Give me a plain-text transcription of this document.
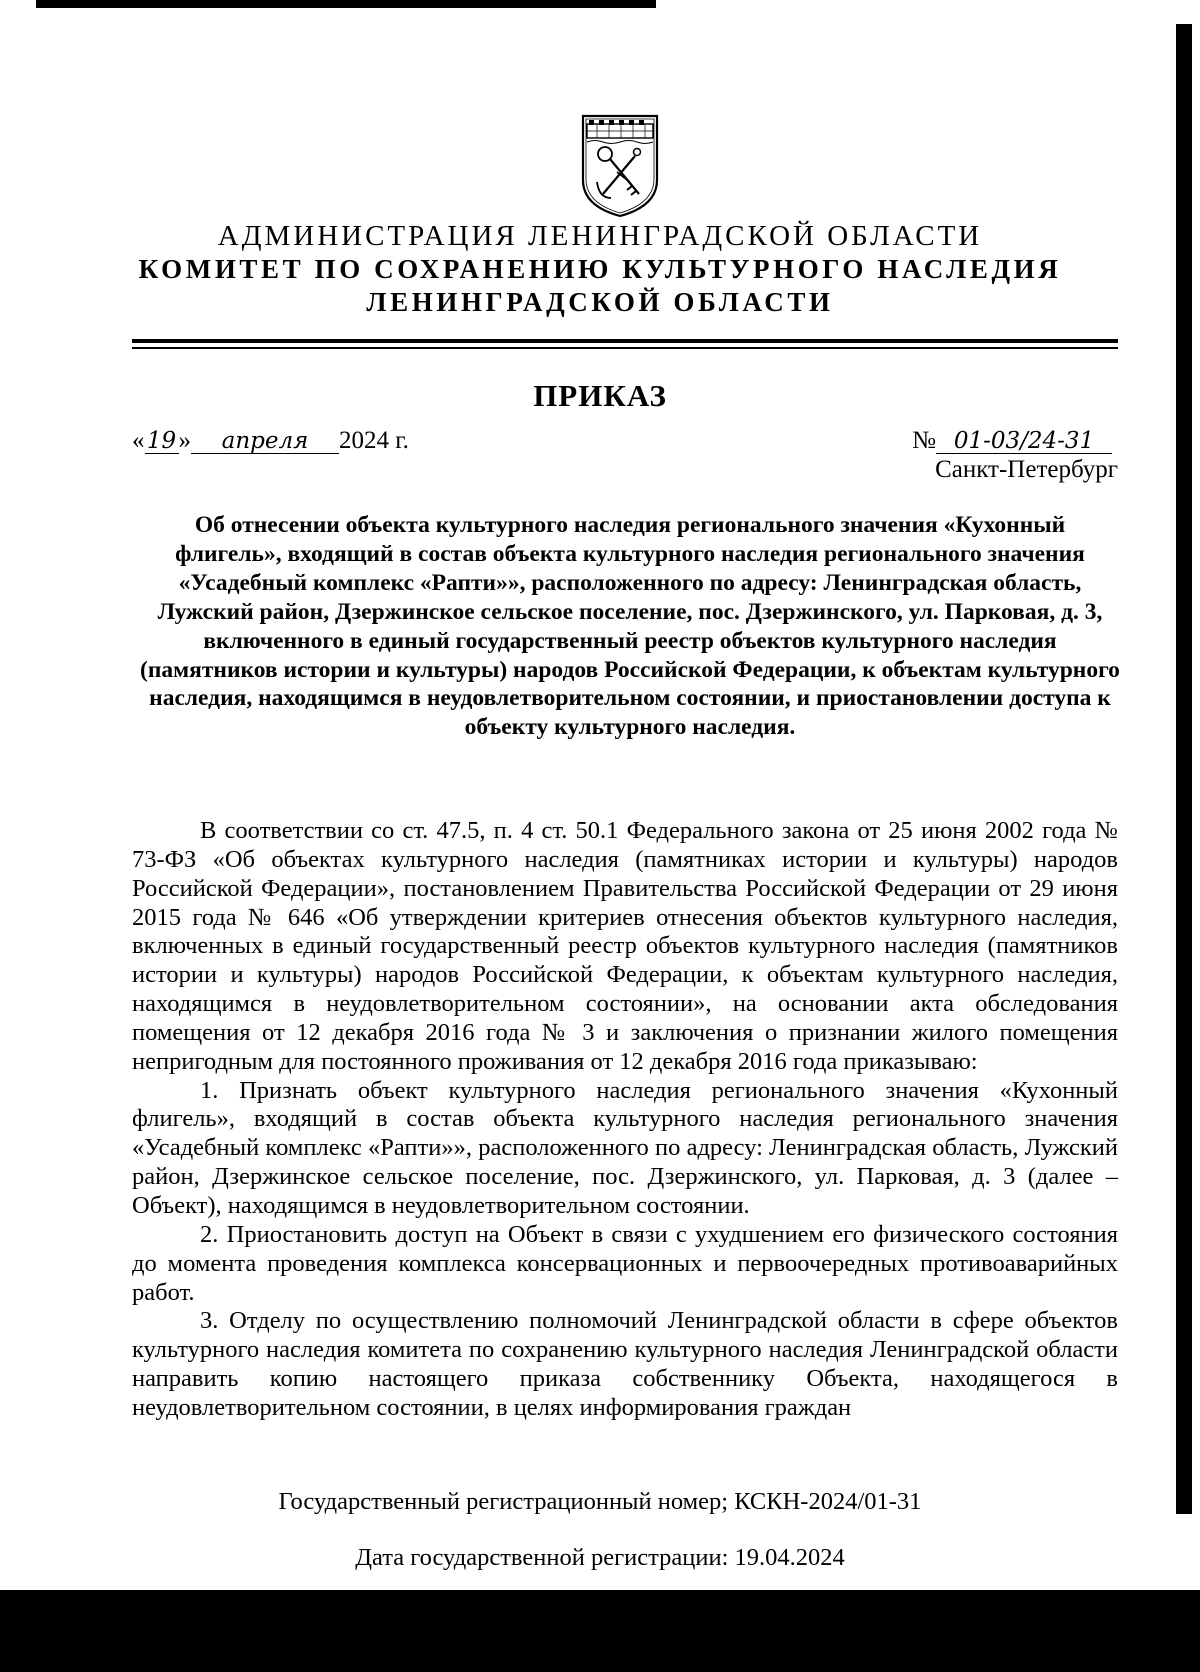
АДМИНИСТРАЦИЯ ЛЕНИНГРАДСКОЙ ОБЛАСТИ
КОМИТЕТ ПО СОХРАНЕНИЮ КУЛЬТУРНОГО НАСЛЕДИЯ
ЛЕНИНГРАДСКОЙ ОБЛАСТИ
ПРИКАЗ
« 19» апреля 2024 г.	№ 01-03/24-31
Санкт-Петербург
Об отнесении объекта культурного наследия регионального значения «Кухонный флигель», входящий в состав объекта культурного наследия регионального значения «Усадебный комплекс «Рапти»», расположенного по адресу: Ленинградская область, Лужский район, Дзержинское сельское поселение, пос. Дзержинского, ул. Парковая, д. 3, включенного в единый государственный реестр объектов культурного наследия (памятников истории и культуры) народов Российской Федерации, к объектам культурного наследия, находящимся в неудовлетворительном состоянии, и приостановлении доступа к объекту культурного наследия.

В соответствии со ст. 47.5, п. 4 ст. 50.1 Федерального закона от 25 июня 2002 года № 73-ФЗ «Об объектах культурного наследия (памятниках истории и культуры) народов Российской Федерации», постановлением Правительства Российской Федерации от 29 июня 2015 года № 646 «Об утверждении критериев отнесения объектов культурного наследия, включенных в единый государственный реестр объектов культурного наследия (памятников истории и культуры) народов Российской Федерации, к объектам культурного наследия, находящимся в неудовлетворительном состоянии», на основании акта обследования помещения от 12 декабря 2016 года № 3 и заключения о признании жилого помещения непригодным для постоянного проживания от 12 декабря 2016 года приказываю:

1. Признать объект культурного наследия регионального значения «Кухонный флигель», входящий в состав объекта культурного наследия регионального значения «Усадебный комплекс «Рапти»», расположенного по адресу: Ленинградская область, Лужский район, Дзержинское сельское поселение, пос. Дзержинского, ул. Парковая, д. 3 (далее – Объект), находящимся в неудовлетворительном состоянии.

2. Приостановить доступ на Объект в связи с ухудшением его физического состояния до момента проведения комплекса консервационных и первоочередных противоаварийных работ.

3. Отделу по осуществлению полномочий Ленинградской области в сфере объектов культурного наследия комитета по сохранению культурного наследия Ленинградской области направить копию настоящего приказа собственнику Объекта, находящегося в неудовлетворительном состоянии, в целях информирования граждан

Государственный регистрационный номер; КСКН-2024/01-31
Дата государственной регистрации: 19.04.2024
